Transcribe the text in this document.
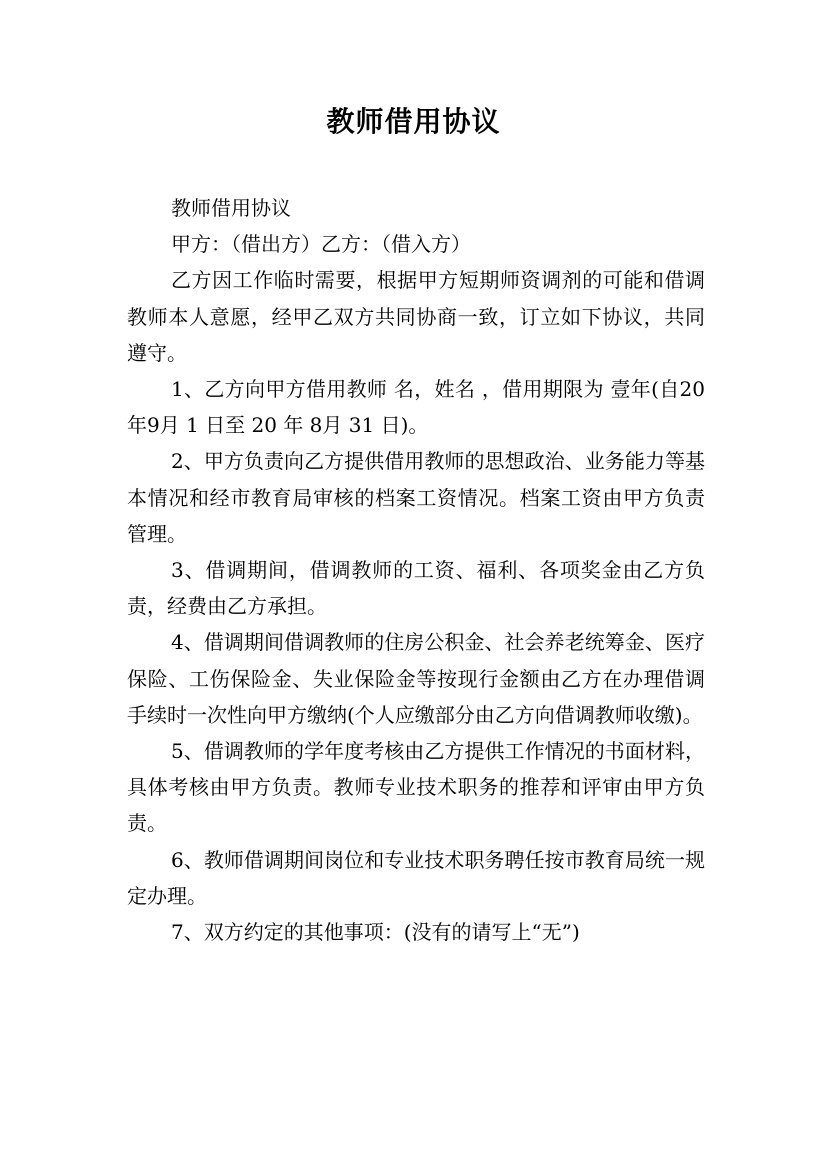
教师借用协议

教师借用协议

甲方：（借出方）乙方：（借入方）

乙方因工作临时需要，根据甲方短期师资调剂的可能和借调教师本人意愿，经甲乙双方共同协商一致，订立如下协议，共同遵守。

1、乙方向甲方借用教师 名，姓名 ，借用期限为 壹年(自20 年9月 1 日至 20 年 8月 31 日)。

2、甲方负责向乙方提供借用教师的思想政治、业务能力等基本情况和经市教育局审核的档案工资情况。档案工资由甲方负责管理。

3、借调期间，借调教师的工资、福利、各项奖金由乙方负责，经费由乙方承担。

4、借调期间借调教师的住房公积金、社会养老统筹金、医疗保险、工伤保险金、失业保险金等按现行金额由乙方在办理借调手续时一次性向甲方缴纳(个人应缴部分由乙方向借调教师收缴)。

5、借调教师的学年度考核由乙方提供工作情况的书面材料，具体考核由甲方负责。教师专业技术职务的推荐和评审由甲方负责。

6、教师借调期间岗位和专业技术职务聘任按市教育局统一规定办理。

7、双方约定的其他事项：(没有的请写上“无”)
